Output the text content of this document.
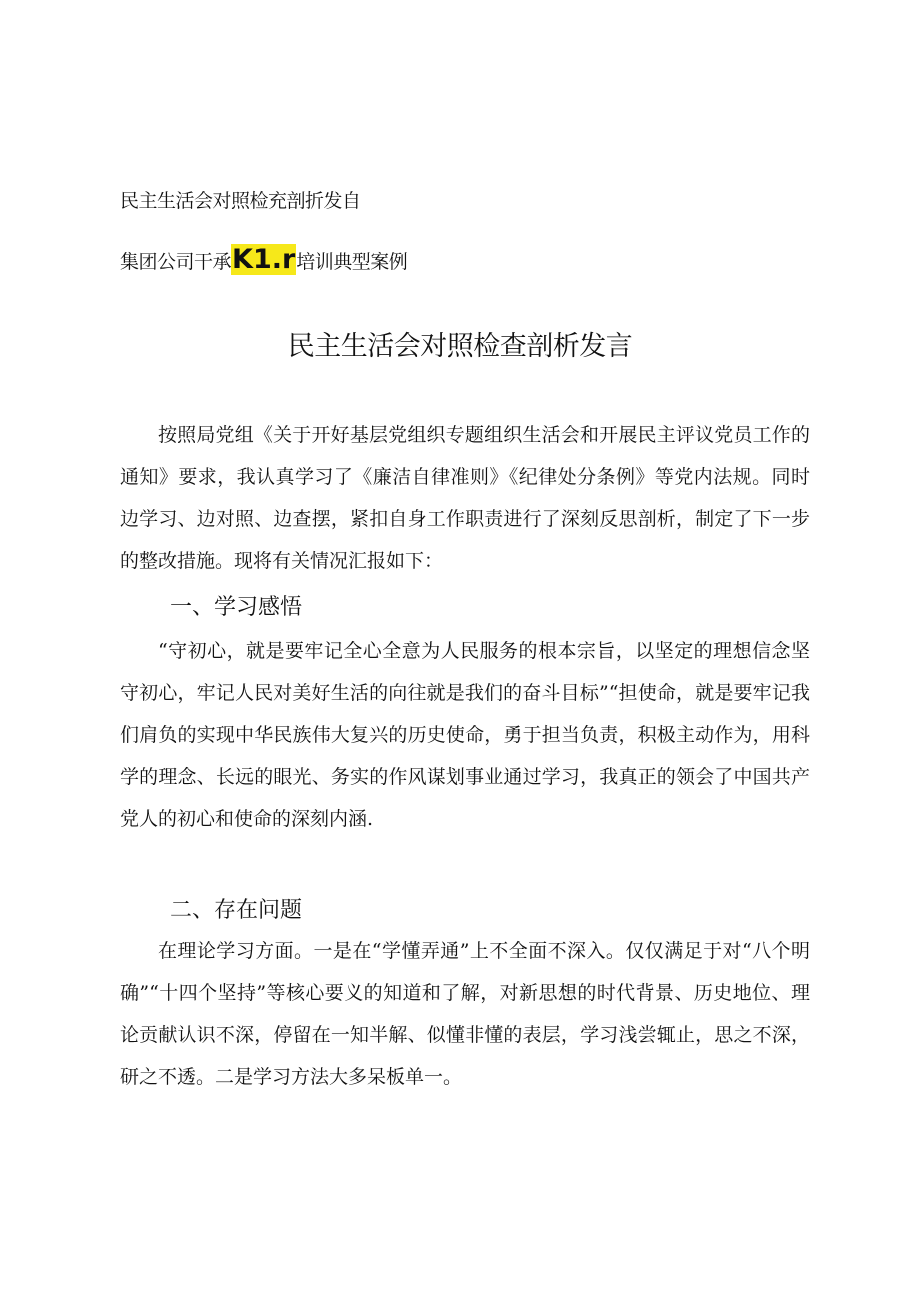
民主生活会对照检充剖折发自
集团公司干承K1.r培训典型案例
民主生活会对照检查剖析发言

按照局党组《关于开好基层党组织专题组织生活会和开展民主评议党员工作的通知》要求，我认真学习了《廉洁自律准则》《纪律处分条例》等党内法规。同时边学习、边对照、边查摆，紧扣自身工作职责进行了深刻反思剖析，制定了下一步的整改措施。现将有关情况汇报如下：

一、学习感悟

“守初心，就是要牢记全心全意为人民服务的根本宗旨，以坚定的理想信念坚守初心，牢记人民对美好生活的向往就是我们的奋斗目标”“担使命，就是要牢记我们肩负的实现中华民族伟大复兴的历史使命，勇于担当负责，积极主动作为，用科学的理念、长远的眼光、务实的作风谋划事业通过学习，我真正的领会了中国共产党人的初心和使命的深刻内涵.

二、存在问题

在理论学习方面。一是在“学懂弄通”上不全面不深入。仅仅满足于对“八个明确”“十四个坚持”等核心要义的知道和了解，对新思想的时代背景、历史地位、理论贡献认识不深，停留在一知半解、似懂非懂的表层，学习浅尝辄止，思之不深，研之不透。二是学习方法大多呆板单一。
